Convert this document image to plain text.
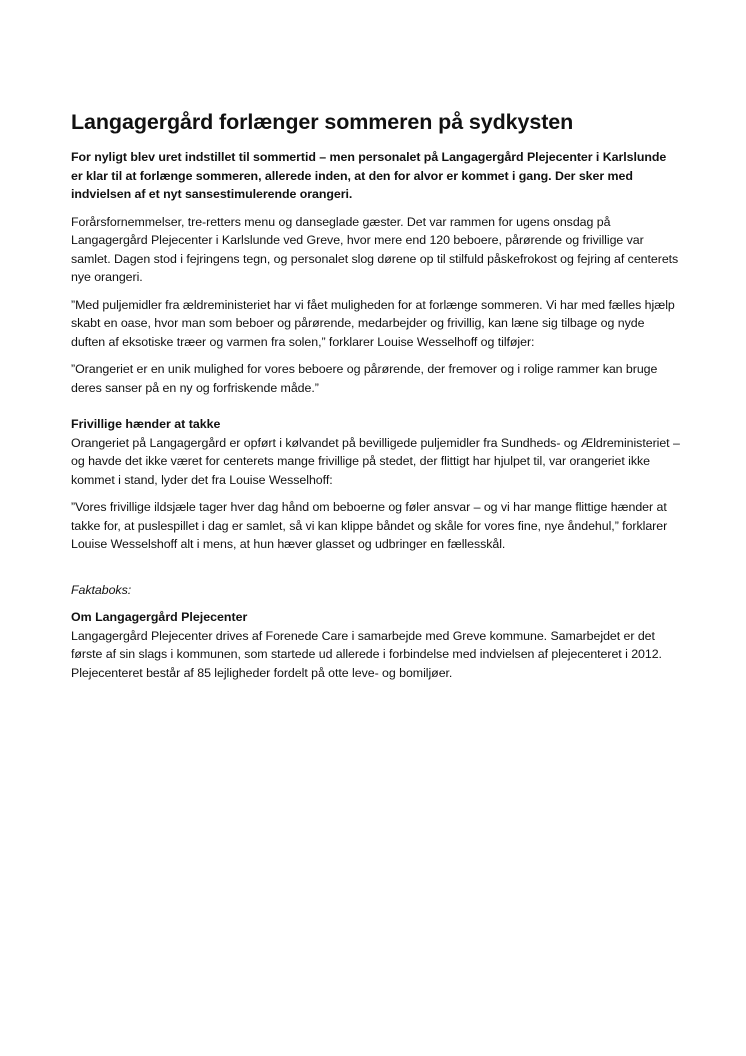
Langagergård forlænger sommeren på sydkysten

For nyligt blev uret indstillet til sommertid – men personalet på Langagergård Plejecenter i Karlslunde er klar til at forlænge sommeren, allerede inden, at den for alvor er kommet i gang. Der sker med indvielsen af et nyt sansestimulerende orangeri.

Forårsfornemmelser, tre-retters menu og danseglade gæster. Det var rammen for ugens onsdag på Langagergård Plejecenter i Karlslunde ved Greve, hvor mere end 120 beboere, pårørende og frivillige var samlet. Dagen stod i fejringens tegn, og personalet slog dørene op til stilfuld påskefrokost og fejring af centerets nye orangeri.

”Med puljemidler fra ældreministeriet har vi fået muligheden for at forlænge sommeren. Vi har med fælles hjælp skabt en oase, hvor man som beboer og pårørende, medarbejder og frivillig, kan læne sig tilbage og nyde duften af eksotiske træer og varmen fra solen,” forklarer Louise Wesselhoff og tilføjer:

”Orangeriet er en unik mulighed for vores beboere og pårørende, der fremover og i rolige rammer kan bruge deres sanser på en ny og forfriskende måde.”

Frivillige hænder at takke

Orangeriet på Langagergård er opført i kølvandet på bevilligede puljemidler fra Sundheds- og Ældreministeriet – og havde det ikke været for centerets mange frivillige på stedet, der flittigt har hjulpet til, var orangeriet ikke kommet i stand, lyder det fra Louise Wesselhoff:

”Vores frivillige ildsjæle tager hver dag hånd om beboerne og føler ansvar – og vi har mange flittige hænder at takke for, at puslespillet i dag er samlet, så vi kan klippe båndet og skåle for vores fine, nye åndehul,” forklarer Louise Wesselshoff alt i mens, at hun hæver glasset og udbringer en fællesskål.

Faktaboks:

Om Langagergård Plejecenter

Langagergård Plejecenter drives af Forenede Care i samarbejde med Greve kommune. Samarbejdet er det første af sin slags i kommunen, som startede ud allerede i forbindelse med indvielsen af plejecenteret i 2012. Plejecenteret består af 85 lejligheder fordelt på otte leve- og bomiljøer.
